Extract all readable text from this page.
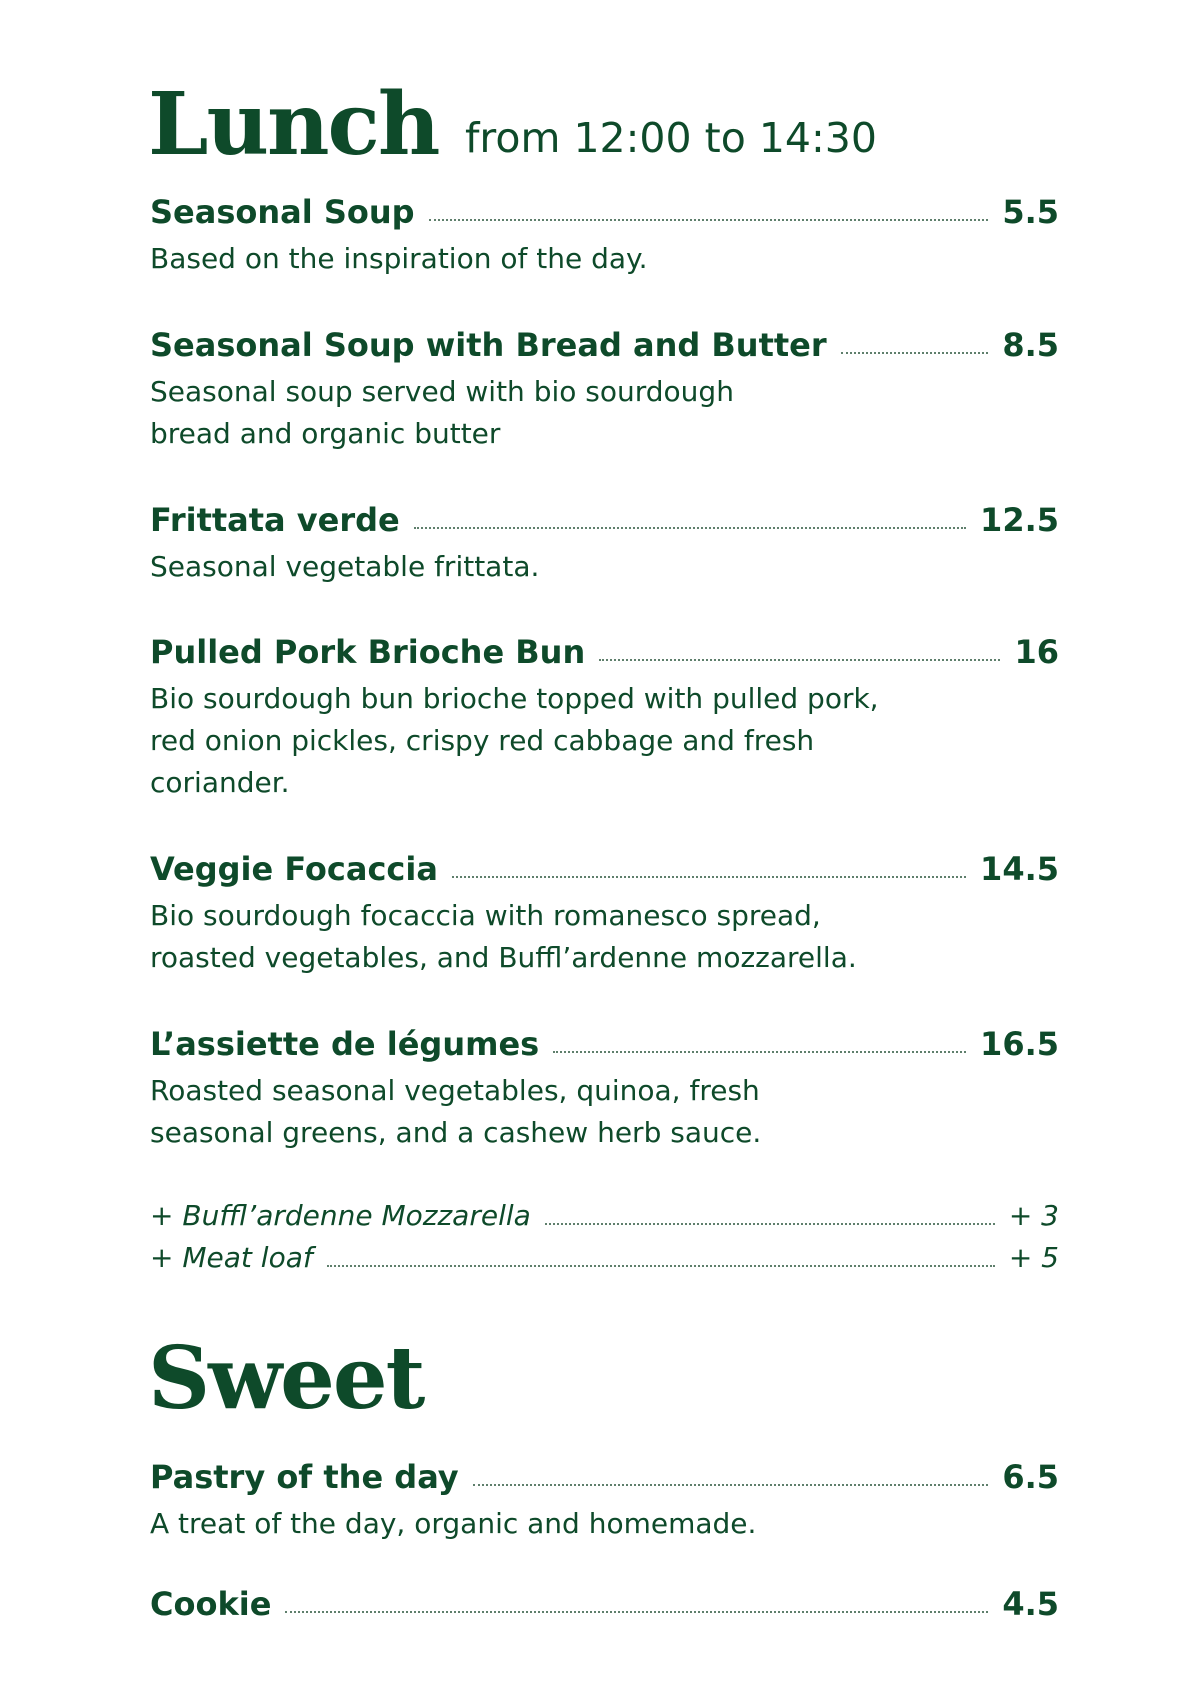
Lunch from 12:00 to 14:30
Seasonal Soup	5.5

Based on the inspiration of the day.

Seasonal Soup with Bread and Butter	8.5

Seasonal soup served with bio sourdough
bread and organic butter

Frittata verde	12.5

Seasonal vegetable frittata.

Pulled Pork Brioche Bun	16

Bio sourdough bun brioche topped with pulled pork,
red onion pickles, crispy red cabbage and fresh
coriander.

Veggie Focaccia	14.5

Bio sourdough focaccia with romanesco spread,
roasted vegetables, and Buffl’ardenne mozzarella.

L’assiette de légumes	16.5

Roasted seasonal vegetables, quinoa, fresh
seasonal greens, and a cashew herb sauce.

+ Buffl’ardenne Mozzarella	+ 3
+ Meat loaf	+ 5
Sweet
Pastry of the day	6.5

A treat of the day, organic and homemade.

Cookie	4.5
